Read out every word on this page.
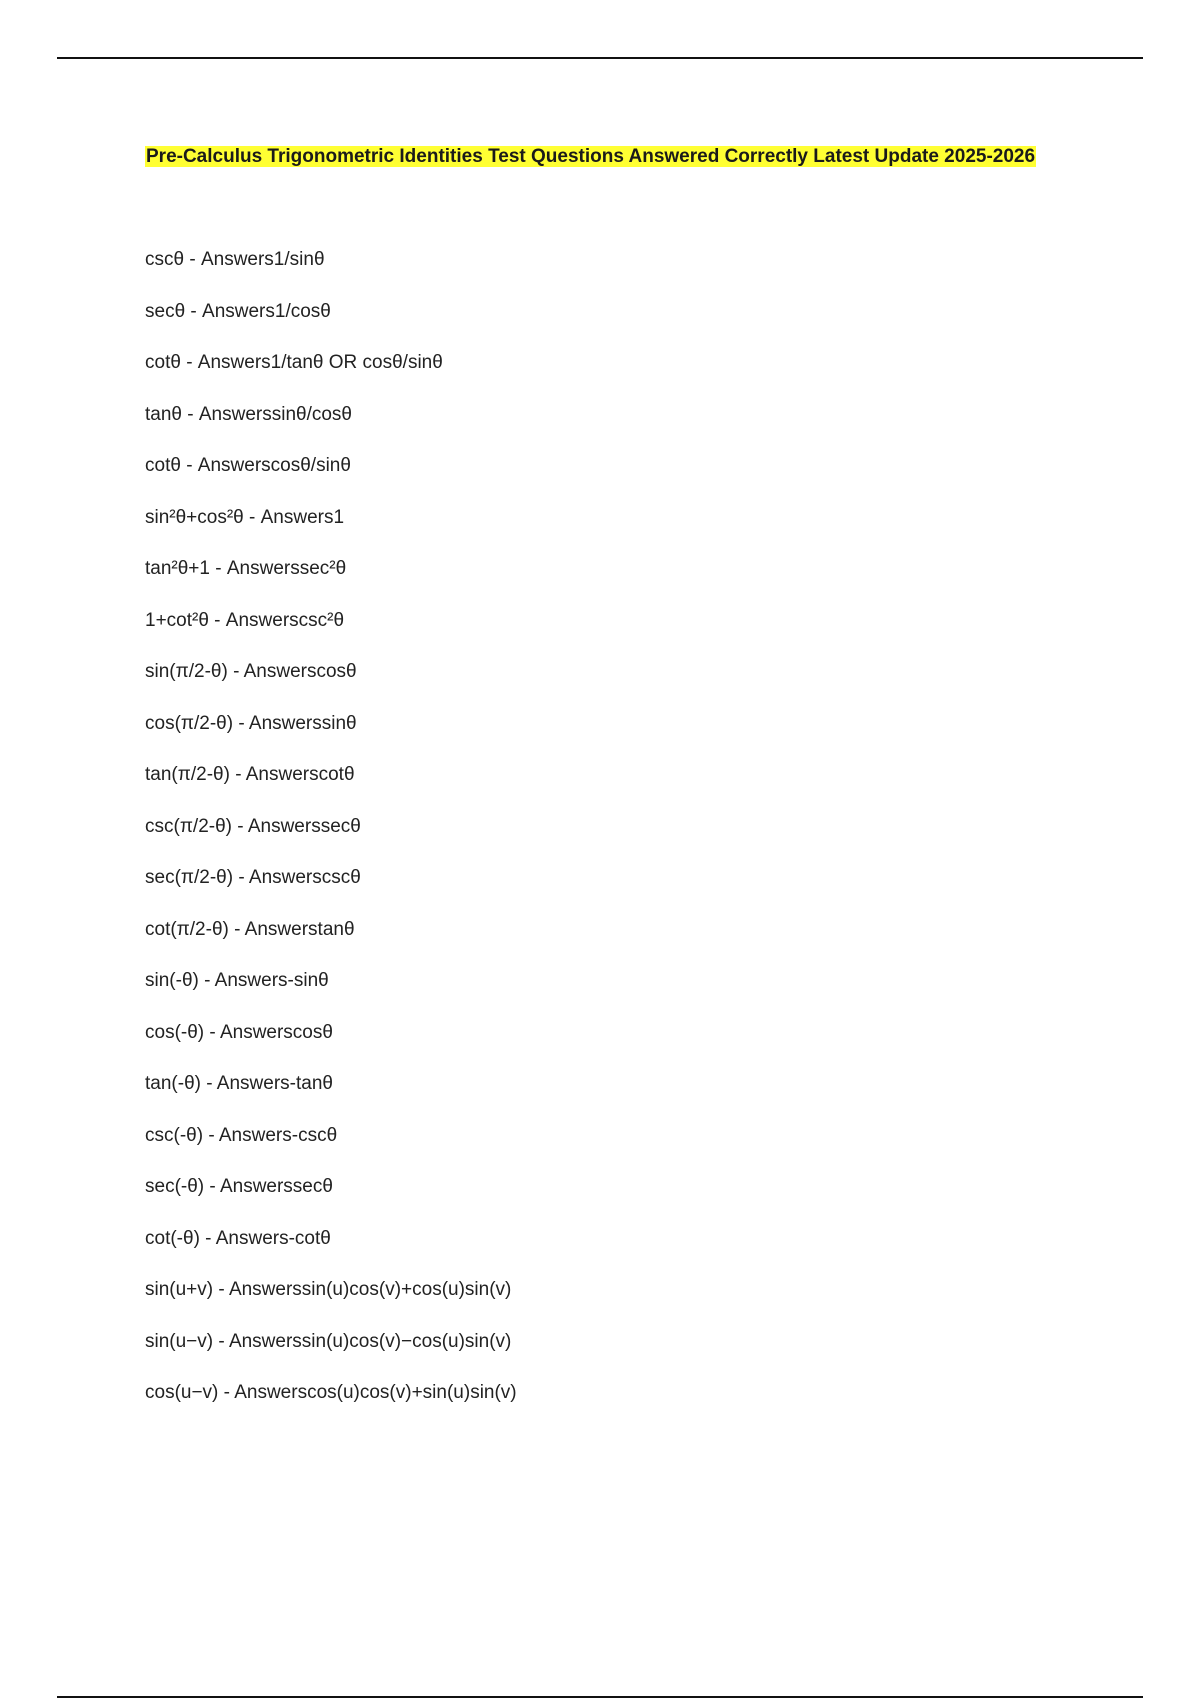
Pre-Calculus Trigonometric Identities Test Questions Answered Correctly Latest Update 2025-2026
cscθ - Answers1/sinθ
secθ - Answers1/cosθ
cotθ - Answers1/tanθ OR cosθ/sinθ
tanθ - Answerssinθ/cosθ
cotθ - Answerscosθ/sinθ
sin²θ+cos²θ - Answers1
tan²θ+1 - Answerssec²θ
1+cot²θ - Answerscsc²θ
sin(π/2-θ) - Answerscosθ
cos(π/2-θ) - Answerssinθ
tan(π/2-θ) - Answerscotθ
csc(π/2-θ) - Answerssecθ
sec(π/2-θ) - Answerscscθ
cot(π/2-θ) - Answerstanθ
sin(-θ) - Answers-sinθ
cos(-θ) - Answerscosθ
tan(-θ) - Answers-tanθ
csc(-θ) - Answers-cscθ
sec(-θ) - Answerssecθ
cot(-θ) - Answers-cotθ
sin(u+v) - Answerssin(u)cos(v)+cos(u)sin(v)
sin(u−v) - Answerssin(u)cos(v)−cos(u)sin(v)
cos(u−v) - Answerscos(u)cos(v)+sin(u)sin(v)
